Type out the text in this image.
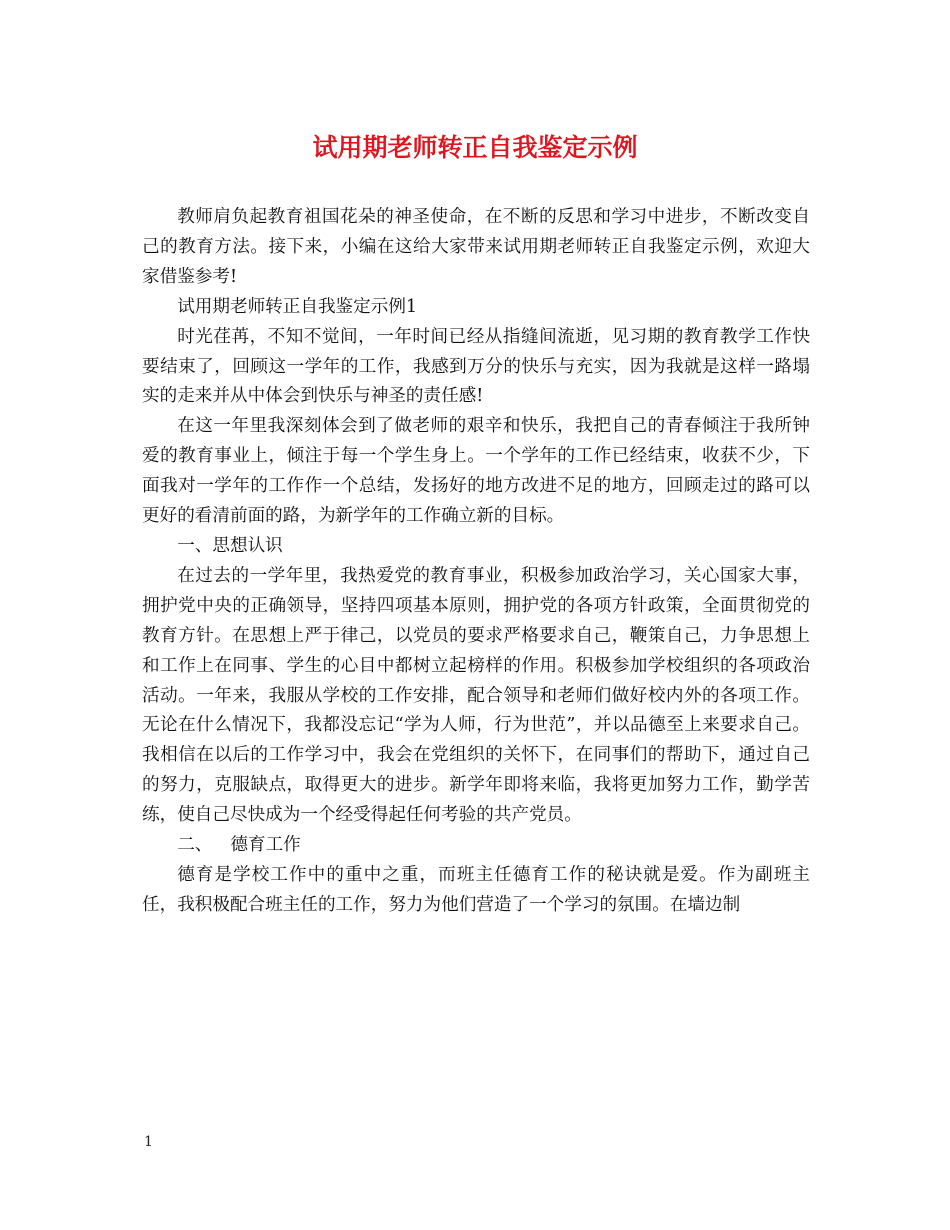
试用期老师转正自我鉴定示例

教师肩负起教育祖国花朵的神圣使命，在不断的反思和学习中进步，不断改变自己的教育方法。接下来，小编在这给大家带来试用期老师转正自我鉴定示例，欢迎大家借鉴参考!

试用期老师转正自我鉴定示例1

时光荏苒，不知不觉间，一年时间已经从指缝间流逝，见习期的教育教学工作快要结束了，回顾这一学年的工作，我感到万分的快乐与充实，因为我就是这样一路塌实的走来并从中体会到快乐与神圣的责任感!

在这一年里我深刻体会到了做老师的艰辛和快乐，我把自己的青春倾注于我所钟爱的教育事业上，倾注于每一个学生身上。一个学年的工作已经结束，收获不少，下面我对一学年的工作作一个总结，发扬好的地方改进不足的地方，回顾走过的路可以更好的看清前面的路，为新学年的工作确立新的目标。

一、思想认识

在过去的一学年里，我热爱党的教育事业，积极参加政治学习，关心国家大事，拥护党中央的正确领导，坚持四项基本原则，拥护党的各项方针政策，全面贯彻党的教育方针。在思想上严于律己，以党员的要求严格要求自己，鞭策自己，力争思想上和工作上在同事、学生的心目中都树立起榜样的作用。积极参加学校组织的各项政治活动。一年来，我服从学校的工作安排，配合领导和老师们做好校内外的各项工作。无论在什么情况下，我都没忘记“学为人师，行为世范”，并以品德至上来要求自己。我相信在以后的工作学习中，我会在党组织的关怀下，在同事们的帮助下，通过自己的努力，克服缺点，取得更大的进步。新学年即将来临，我将更加努力工作，勤学苦练，使自己尽快成为一个经受得起任何考验的共产党员。

二、 德育工作

德育是学校工作中的重中之重，而班主任德育工作的秘诀就是爱。作为副班主任，我积极配合班主任的工作，努力为他们营造了一个学习的氛围。在墙边制

1
